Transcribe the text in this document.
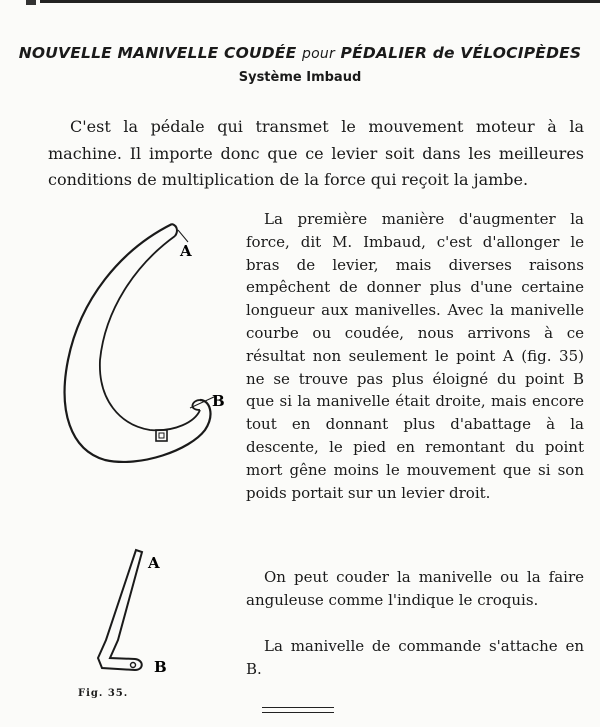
NOUVELLE MANIVELLE COUDÉE pour PÉDALIER de VÉLOCIPÈDES
Système Imbaud
C'est la pédale qui transmet le mouvement moteur à la machine. Il importe donc que ce levier soit dans les meilleures conditions de multiplication de la force qui reçoit la jambe.
La première manière d'augmenter la force, dit M. Imbaud, c'est d'allonger le bras de levier, mais diverses raisons empêchent de donner plus d'une certaine longueur aux manivelles. Avec la manivelle courbe ou coudée, nous arrivons à ce résultat non seulement le point A (fig. 35) ne se trouve pas plus éloigné du point B que si la manivelle était droite, mais encore tout en donnant plus d'abattage à la descente, le pied en remontant du point mort gêne moins le mouvement que si son poids portait sur un levier droit.
On peut couder la manivelle ou la faire anguleuse comme l'indique le croquis.
La manivelle de commande s'attache en B.
A
B
A
B
Fig. 35.
